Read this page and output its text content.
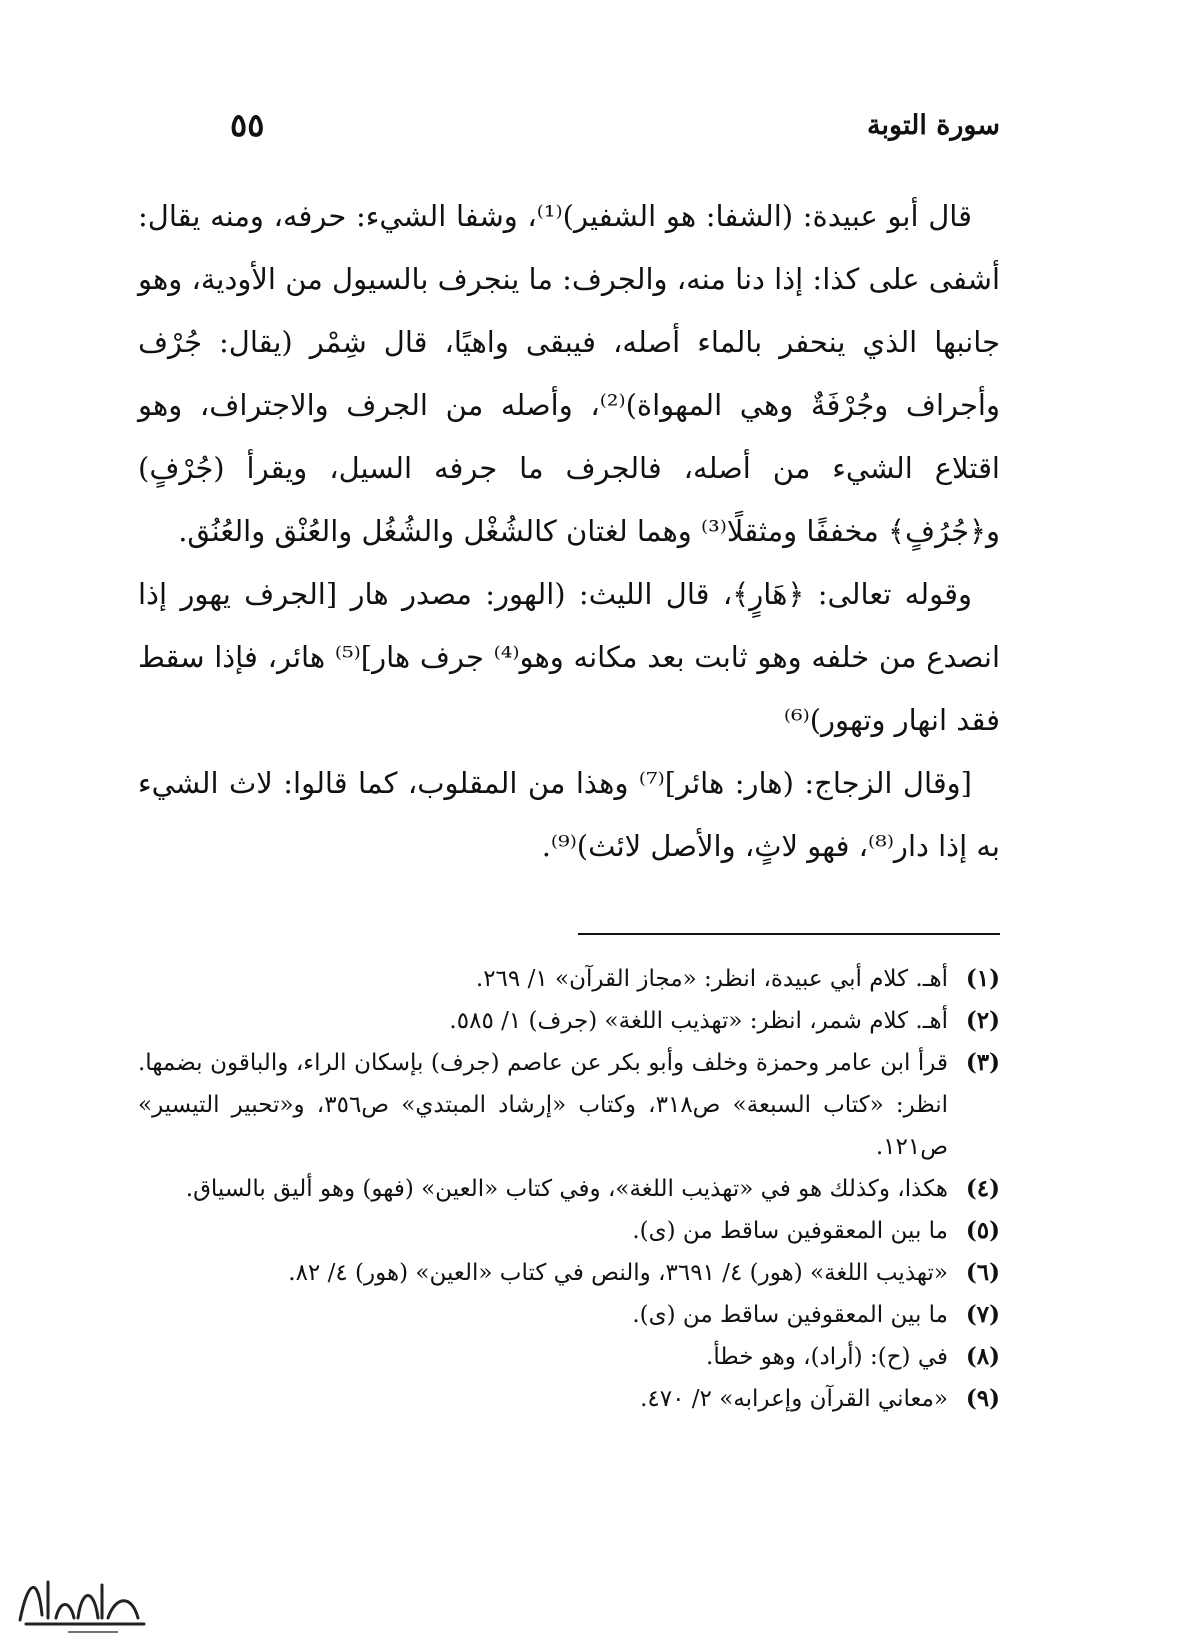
سورة التوبة
٥٥

قال أبو عبيدة: (الشفا: هو الشفير)⁽¹⁾، وشفا الشيء: حرفه، ومنه يقال: أشفى على كذا: إذا دنا منه، والجرف: ما ينجرف بالسيول من الأودية، وهو جانبها الذي ينحفر بالماء أصله، فيبقى واهيًا، قال شِمْر (يقال: جُرْف وأجراف وجُرْفَةٌ وهي المهواة)⁽²⁾، وأصله من الجرف والاجتراف، وهو اقتلاع الشيء من أصله، فالجرف ما جرفه السيل، ويقرأ (جُرْفٍ) و﴿جُرُفٍ﴾ مخففًا ومثقلًا⁽³⁾ وهما لغتان كالشُغْل والشُغُل والعُنْق والعُنُق.

وقوله تعالى: ﴿هَارٍ﴾، قال الليث: (الهور: مصدر هار [الجرف يهور إذا انصدع من خلفه وهو ثابت بعد مكانه وهو⁽⁴⁾ جرف هار]⁽⁵⁾ هائر، فإذا سقط فقد انهار وتهور)⁽⁶⁾

[وقال الزجاج: (هار: هائر]⁽⁷⁾ وهذا من المقلوب، كما قالوا: لاث الشيء به إذا دار⁽⁸⁾، فهو لاثٍ، والأصل لائث)⁽⁹⁾.

(١)
أهـ. كلام أبي عبيدة، انظر: «مجاز القرآن» ١/ ٢٦٩.
(٢)
أهـ. كلام شمر، انظر: «تهذيب اللغة» (جرف) ١/ ٥٨٥.
(٣)
قرأ ابن عامر وحمزة وخلف وأبو بكر عن عاصم (جرف) بإسكان الراء، والباقون بضمها. انظر: «كتاب السبعة» ص٣١٨، وكتاب «إرشاد المبتدي» ص٣٥٦، و«تحبير التيسير» ص١٢١.
(٤)
هكذا، وكذلك هو في «تهذيب اللغة»، وفي كتاب «العين» (فهو) وهو أليق بالسياق.
(٥)
ما بين المعقوفين ساقط من (ى).
(٦)
«تهذيب اللغة» (هور) ٤/ ٣٦٩١، والنص في كتاب «العين» (هور) ٤/ ٨٢.
(٧)
ما بين المعقوفين ساقط من (ى).
(٨)
في (ح): (أراد)، وهو خطأ.
(٩)
«معاني القرآن وإعرابه» ٢/ ٤٧٠.
